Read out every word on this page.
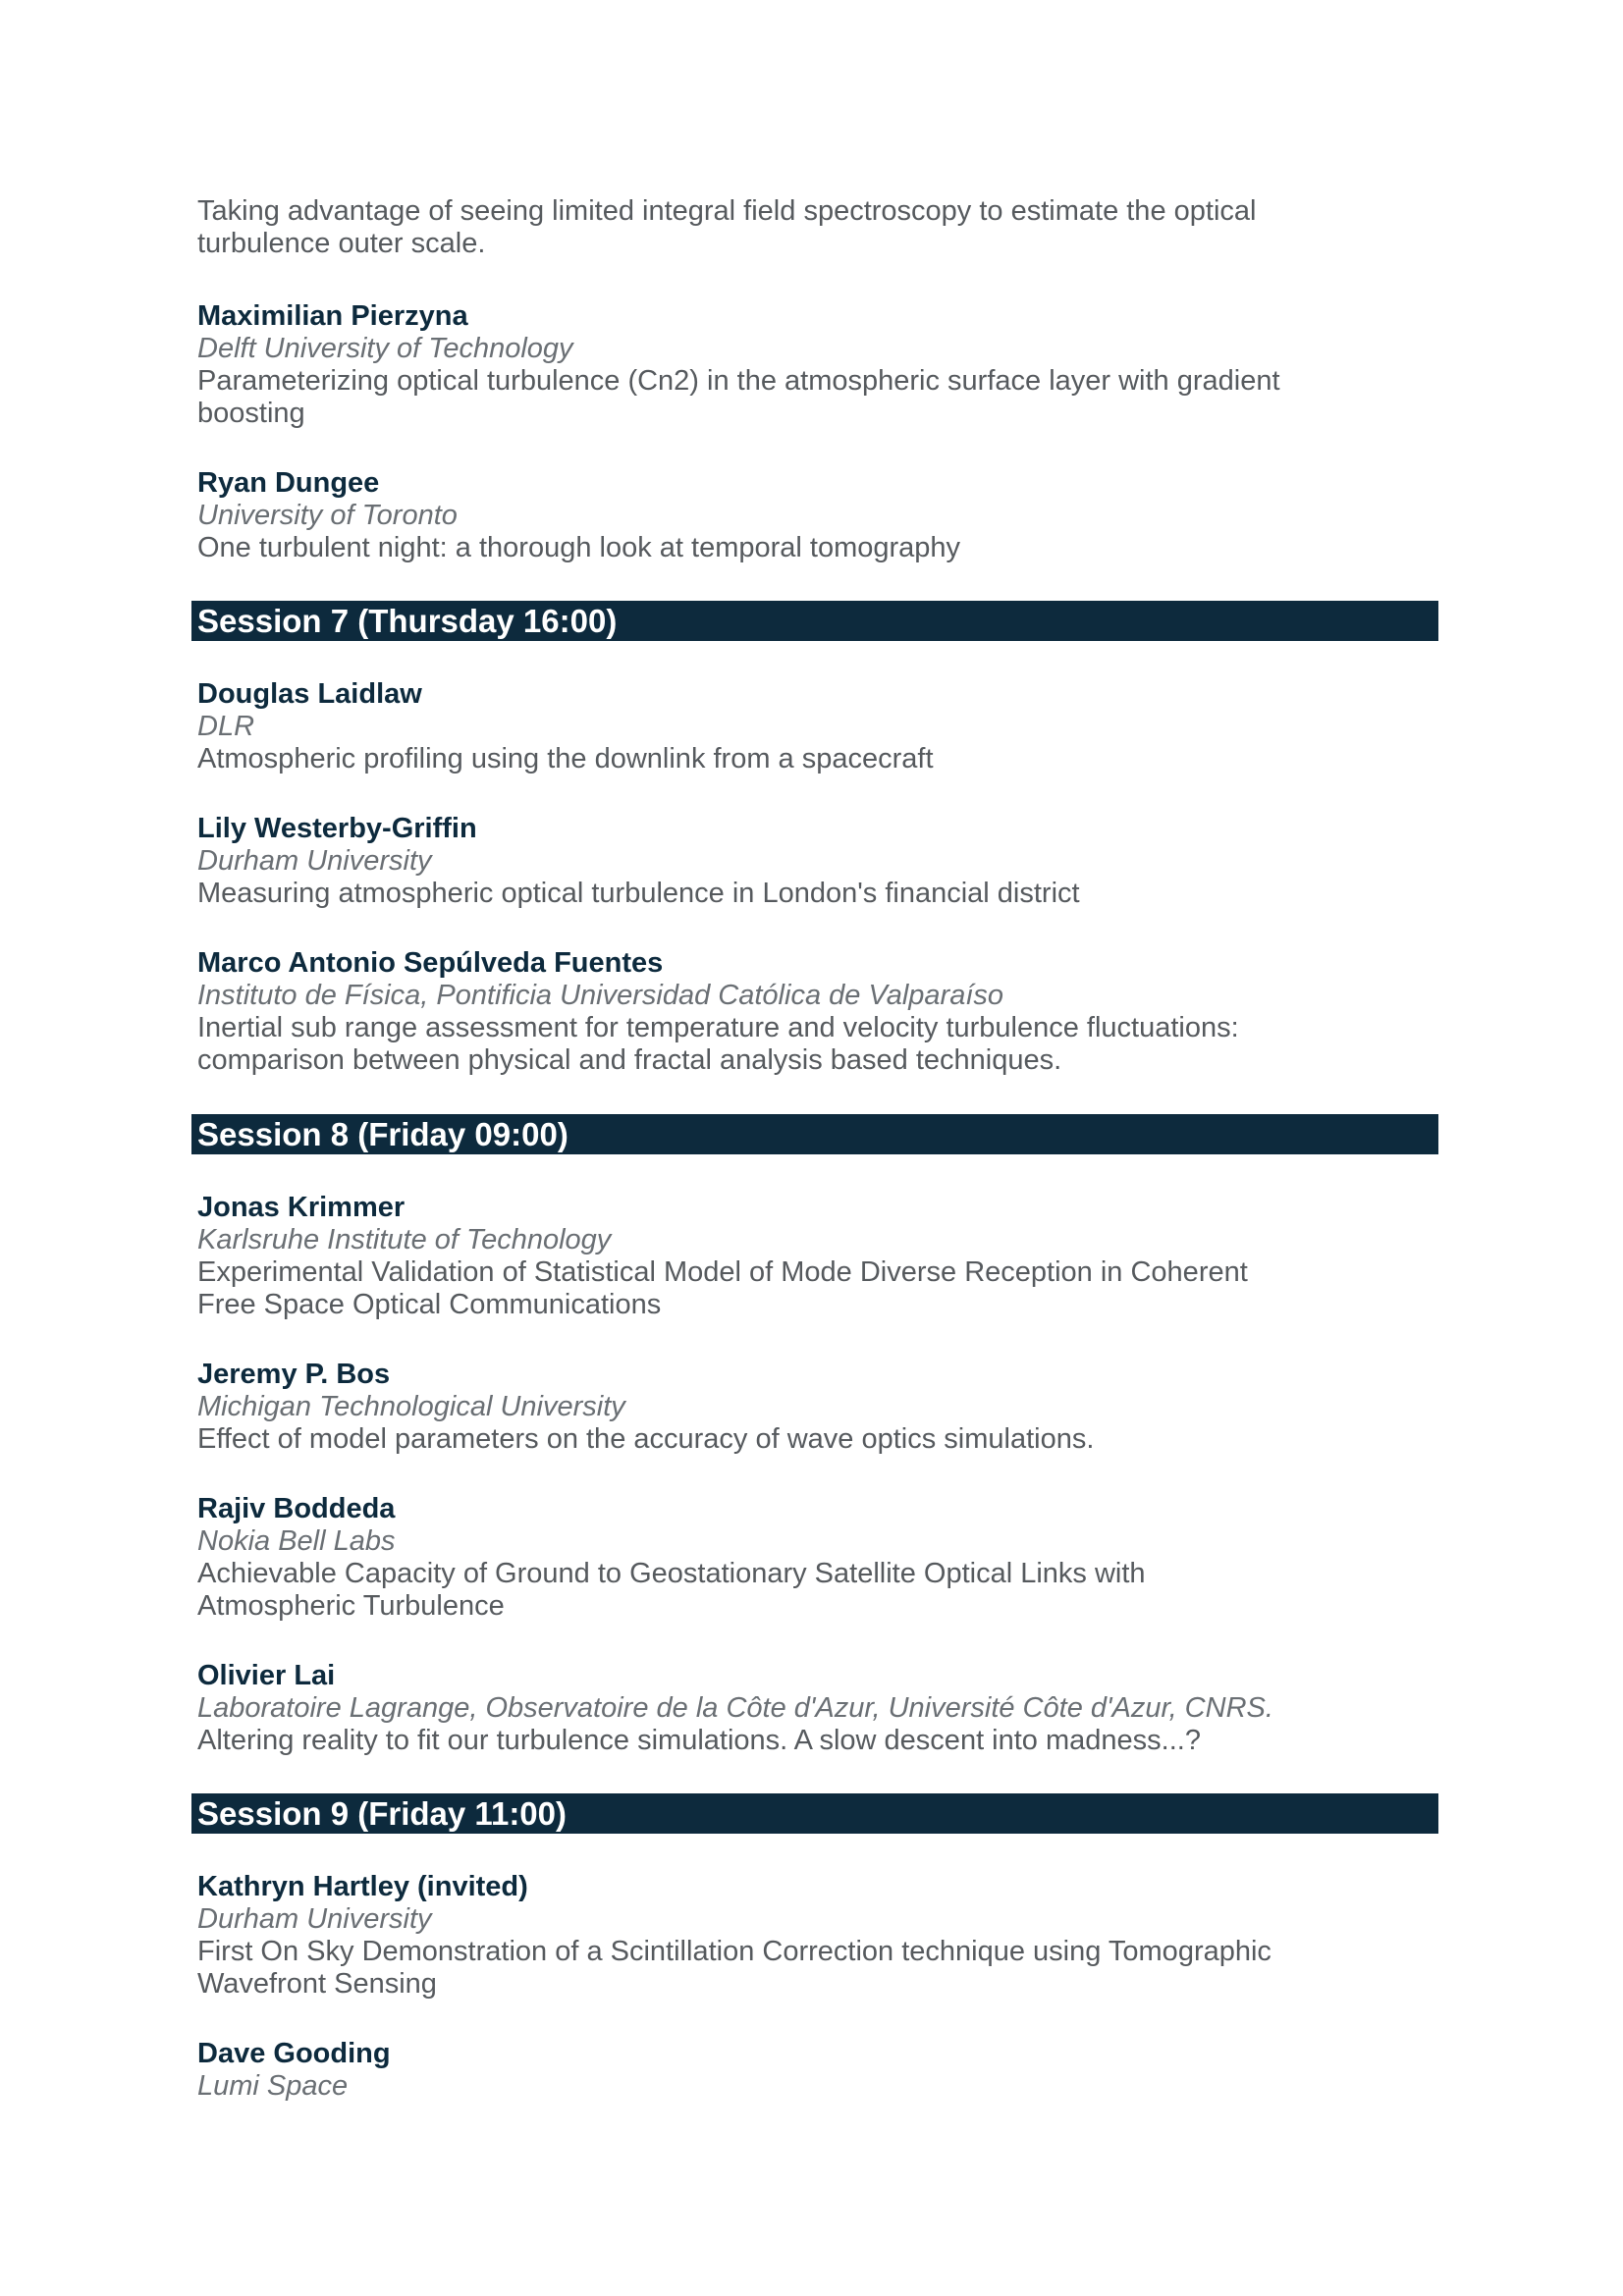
Taking advantage of seeing limited integral field spectroscopy to estimate the optical
turbulence outer scale.
Maximilian Pierzyna
Delft University of Technology
Parameterizing optical turbulence (Cn2) in the atmospheric surface layer with gradient
boosting
Ryan Dungee
University of Toronto
One turbulent night: a thorough look at temporal tomography
Session 7 (Thursday 16:00)
Douglas Laidlaw
DLR
Atmospheric profiling using the downlink from a spacecraft
Lily Westerby-Griffin
Durham University
Measuring atmospheric optical turbulence in London's financial district
Marco Antonio Sepúlveda Fuentes
Instituto de Física, Pontificia Universidad Católica de Valparaíso
Inertial sub range assessment for temperature and velocity turbulence fluctuations:
comparison between physical and fractal analysis based techniques.
Session 8 (Friday 09:00)
Jonas Krimmer
Karlsruhe Institute of Technology
Experimental Validation of Statistical Model of Mode Diverse Reception in Coherent
Free Space Optical Communications
Jeremy P. Bos
Michigan Technological University
Effect of model parameters on the accuracy of wave optics simulations.
Rajiv Boddeda
Nokia Bell Labs
Achievable Capacity of Ground to Geostationary Satellite Optical Links with
Atmospheric Turbulence
Olivier Lai
Laboratoire Lagrange, Observatoire de la Côte d'Azur, Université Côte d'Azur, CNRS.
Altering reality to fit our turbulence simulations. A slow descent into madness...?
Session 9 (Friday 11:00)
Kathryn Hartley (invited)
Durham University
First On Sky Demonstration of a Scintillation Correction technique using Tomographic
Wavefront Sensing
Dave Gooding
Lumi Space
